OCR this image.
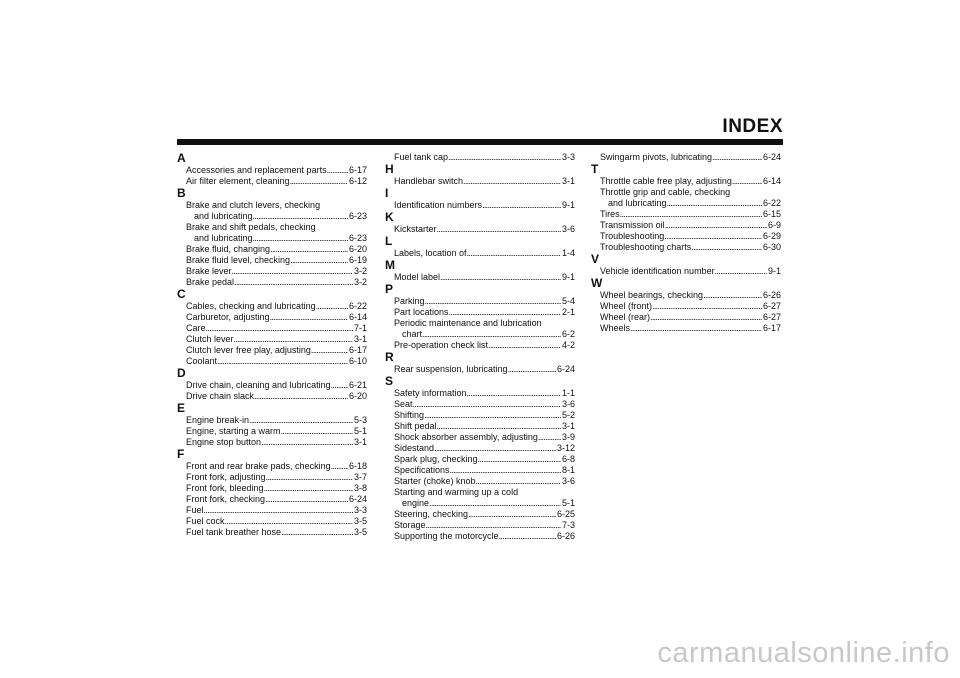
INDEX
A
Accessories and replacement parts . . . 6-17
Air filter element, cleaning . . .	6-12
B
Brake and clutch levers, checking
and lubricating . . .	6-23
Brake and shift pedals, checking
and lubricating . . .	6-23
Brake fluid, changing . . .	6-20
Brake fluid level, checking . . .	6-19
Brake lever . . .	3-2
Brake pedal . . .	3-2
C
Cables, checking and lubricating . . .	6-22
Carburetor, adjusting . . .	6-14
Care . . .	7-1
Clutch lever . . .	3-1
Clutch lever free play, adjusting . . .	6-17
Coolant . . .	6-10
D
Drive chain, cleaning and lubricating . . . 6-21
Drive chain slack . . .	6-20
E
Engine break-in . . .	5-3
Engine, starting a warm . . .	5-1
Engine stop button . . .	3-1
F
Front and rear brake pads, checking . . . 6-18
Front fork, adjusting . . .	3-7
Front fork, bleeding . . .	3-8
Front fork, checking . . .	6-24
Fuel . . .	3-3
Fuel cock . . .	3-5
Fuel tank breather hose . . .	3-5
Fuel tank cap . . .	3-3
H
Handlebar switch . . .	3-1
I
Identification numbers . . .	9-1
K
Kickstarter . . .	3-6
L
Labels, location of . . .	1-4
M
Model label . . .	9-1
P
Parking . . .	5-4
Part locations . . .	2-1
Periodic maintenance and lubrication
chart . . .	6-2
Pre-operation check list . . .	4-2
R
Rear suspension, lubricating . . .	6-24
S
Safety information . . .	1-1
Seat . . .	3-6
Shifting . . .	5-2
Shift pedal . . .	3-1
Shock absorber assembly, adjusting . . .	3-9
Sidestand . . .	3-12
Spark plug, checking . . .	6-8
Specifications . . .	8-1
Starter (choke) knob . . .	3-6
Starting and warming up a cold
engine . . .	5-1
Steering, checking . . .	6-25
Storage . . .	7-3
Supporting the motorcycle . . .	6-26
Swingarm pivots, lubricating . . .	6-24
T
Throttle cable free play, adjusting . . .	6-14
Throttle grip and cable, checking
and lubricating . . .	6-22
Tires . . .	6-15
Transmission oil . . .	6-9
Troubleshooting . . .	6-29
Troubleshooting charts . . .	6-30
V
Vehicle identification number . . .	9-1
W
Wheel bearings, checking . . .	6-26
Wheel (front) . . .	6-27
Wheel (rear) . . .	6-27
Wheels . . .	6-17
carmanualsonline.info
